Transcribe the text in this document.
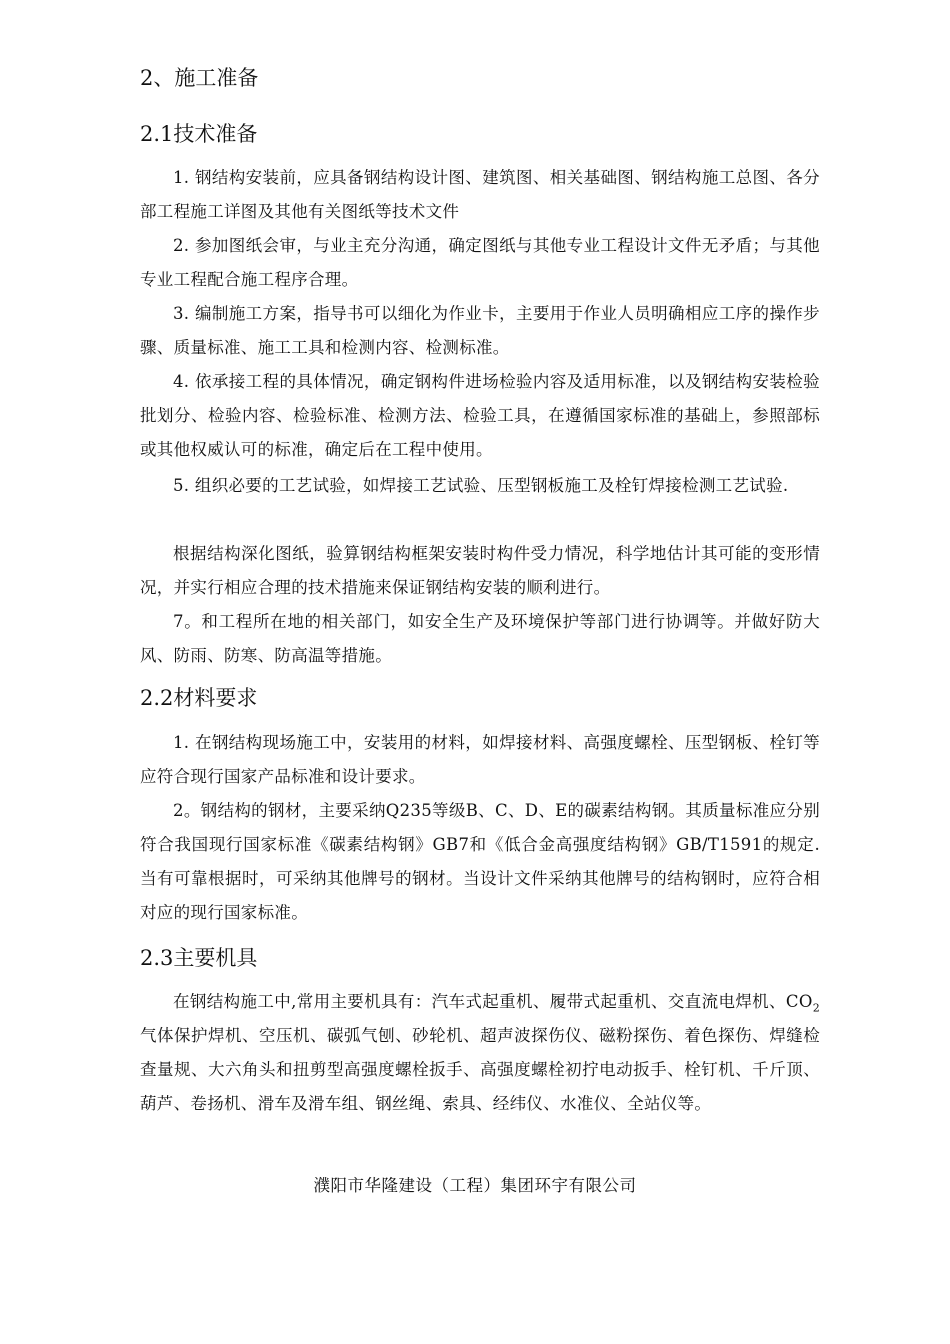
2、施工准备
2.1技术准备
1. 钢结构安装前，应具备钢结构设计图、建筑图、相关基础图、钢结构施工总图、各分部工程施工详图及其他有关图纸等技术文件
2. 参加图纸会审，与业主充分沟通，确定图纸与其他专业工程设计文件无矛盾；与其他专业工程配合施工程序合理。
3. 编制施工方案，指导书可以细化为作业卡，主要用于作业人员明确相应工序的操作步骤、质量标准、施工工具和检测内容、检测标准。
4. 依承接工程的具体情况，确定钢构件进场检验内容及适用标准，以及钢结构安装检验批划分、检验内容、检验标准、检测方法、检验工具，在遵循国家标准的基础上，参照部标或其他权威认可的标准，确定后在工程中使用。
5. 组织必要的工艺试验，如焊接工艺试验、压型钢板施工及栓钉焊接检测工艺试验.
根据结构深化图纸，验算钢结构框架安装时构件受力情况，科学地估计其可能的变形情况，并实行相应合理的技术措施来保证钢结构安装的顺利进行。
7。和工程所在地的相关部门，如安全生产及环境保护等部门进行协调等。并做好防大风、防雨、防寒、防高温等措施。
2.2材料要求
1. 在钢结构现场施工中，安装用的材料，如焊接材料、高强度螺栓、压型钢板、栓钉等应符合现行国家产品标准和设计要求。
2。钢结构的钢材，主要采纳Q235等级B、C、D、E的碳素结构钢。其质量标准应分别符合我国现行国家标准《碳素结构钢》GB7和《低合金高强度结构钢》GB/T1591的规定.当有可靠根据时，可采纳其他牌号的钢材。当设计文件采纳其他牌号的结构钢时，应符合相对应的现行国家标准。
2.3主要机具
在钢结构施工中,常用主要机具有：汽车式起重机、履带式起重机、交直流电焊机、$CO_2$气体保护焊机、空压机、碳弧气刨、砂轮机、超声波探伤仪、磁粉探伤、着色探伤、焊缝检查量规、大六角头和扭剪型高强度螺栓扳手、高强度螺栓初拧电动扳手、栓钉机、千斤顶、葫芦、卷扬机、滑车及滑车组、钢丝绳、索具、经纬仪、水准仪、全站仪等。
濮阳市华隆建设（工程）集团环宇有限公司
